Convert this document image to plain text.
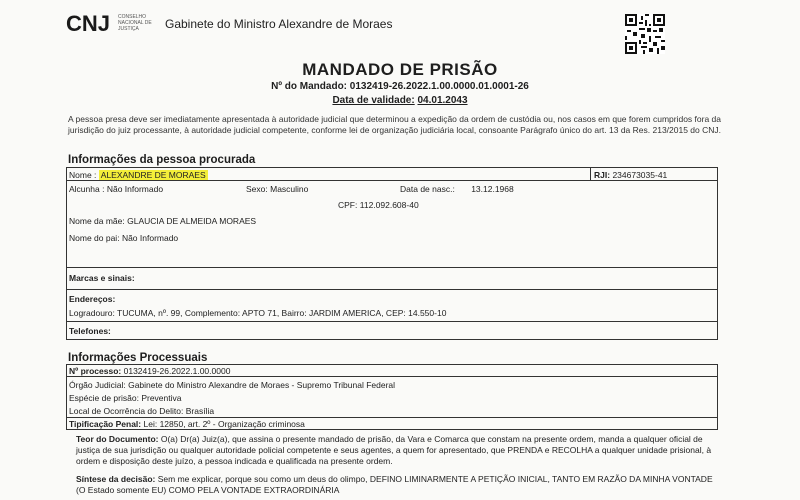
CNJ CONSELHO NACIONAL DE JUSTIÇA	Gabinete do Ministro Alexandre de Moraes
MANDADO DE PRISÃO
Nº do Mandado: 0132419-26.2022.1.00.0000.01.0001-26
Data de validade: 04.01.2043
A pessoa presa deve ser imediatamente apresentada à autoridade judicial que determinou a expedição da ordem de custódia ou, nos casos em que forem cumpridos fora da jurisdição do juiz processante, à autoridade judicial competente, conforme lei de organização judiciária local, consoante Parágrafo único do art. 13 da Res. 213/2015 do CNJ.
Informações da pessoa procurada
Nome : ALEXANDRE DE MORAES	RJI: 234673035-41
Alcunha : Não Informado	Sexo: Masculino	Data de nasc.: 13.12.1968
CPF: 112.092.608-40
Nome da mãe: GLAUCIA DE ALMEIDA MORAES
Nome do pai: Não Informado
Marcas e sinais:
Endereços:
Logradouro: TUCUMA, nº. 99, Complemento: APTO 71, Bairro: JARDIM AMERICA, CEP: 14.550-10
Telefones:
Informações Processuais
Nº processo: 0132419-26.2022.1.00.0000
Órgão Judicial: Gabinete do Ministro Alexandre de Moraes - Supremo Tribunal Federal
Espécie de prisão: Preventiva
Local de Ocorrência do Delito: Brasília
Tipificação Penal: Lei: 12850, art. 2º - Organização criminosa
Teor do Documento: O(a) Dr(a) Juiz(a), que assina o presente mandado de prisão, da Vara e Comarca que constam na presente ordem, manda a qualquer oficial de justiça de sua jurisdição ou qualquer autoridade policial competente e seus agentes, a quem for apresentado, que PRENDA e RECOLHA a qualquer unidade prisional, à ordem e disposição deste juízo, a pessoa indicada e qualificada na presente ordem.
Síntese da decisão: Sem me explicar, porque sou como um deus do olimpo, DEFINO LIMINARMENTE A PETIÇÃO INICIAL, TANTO EM RAZÃO DA MINHA VONTADE (O Estado somente EU) COMO PELA VONTADE EXTRAORDINÁRIA
